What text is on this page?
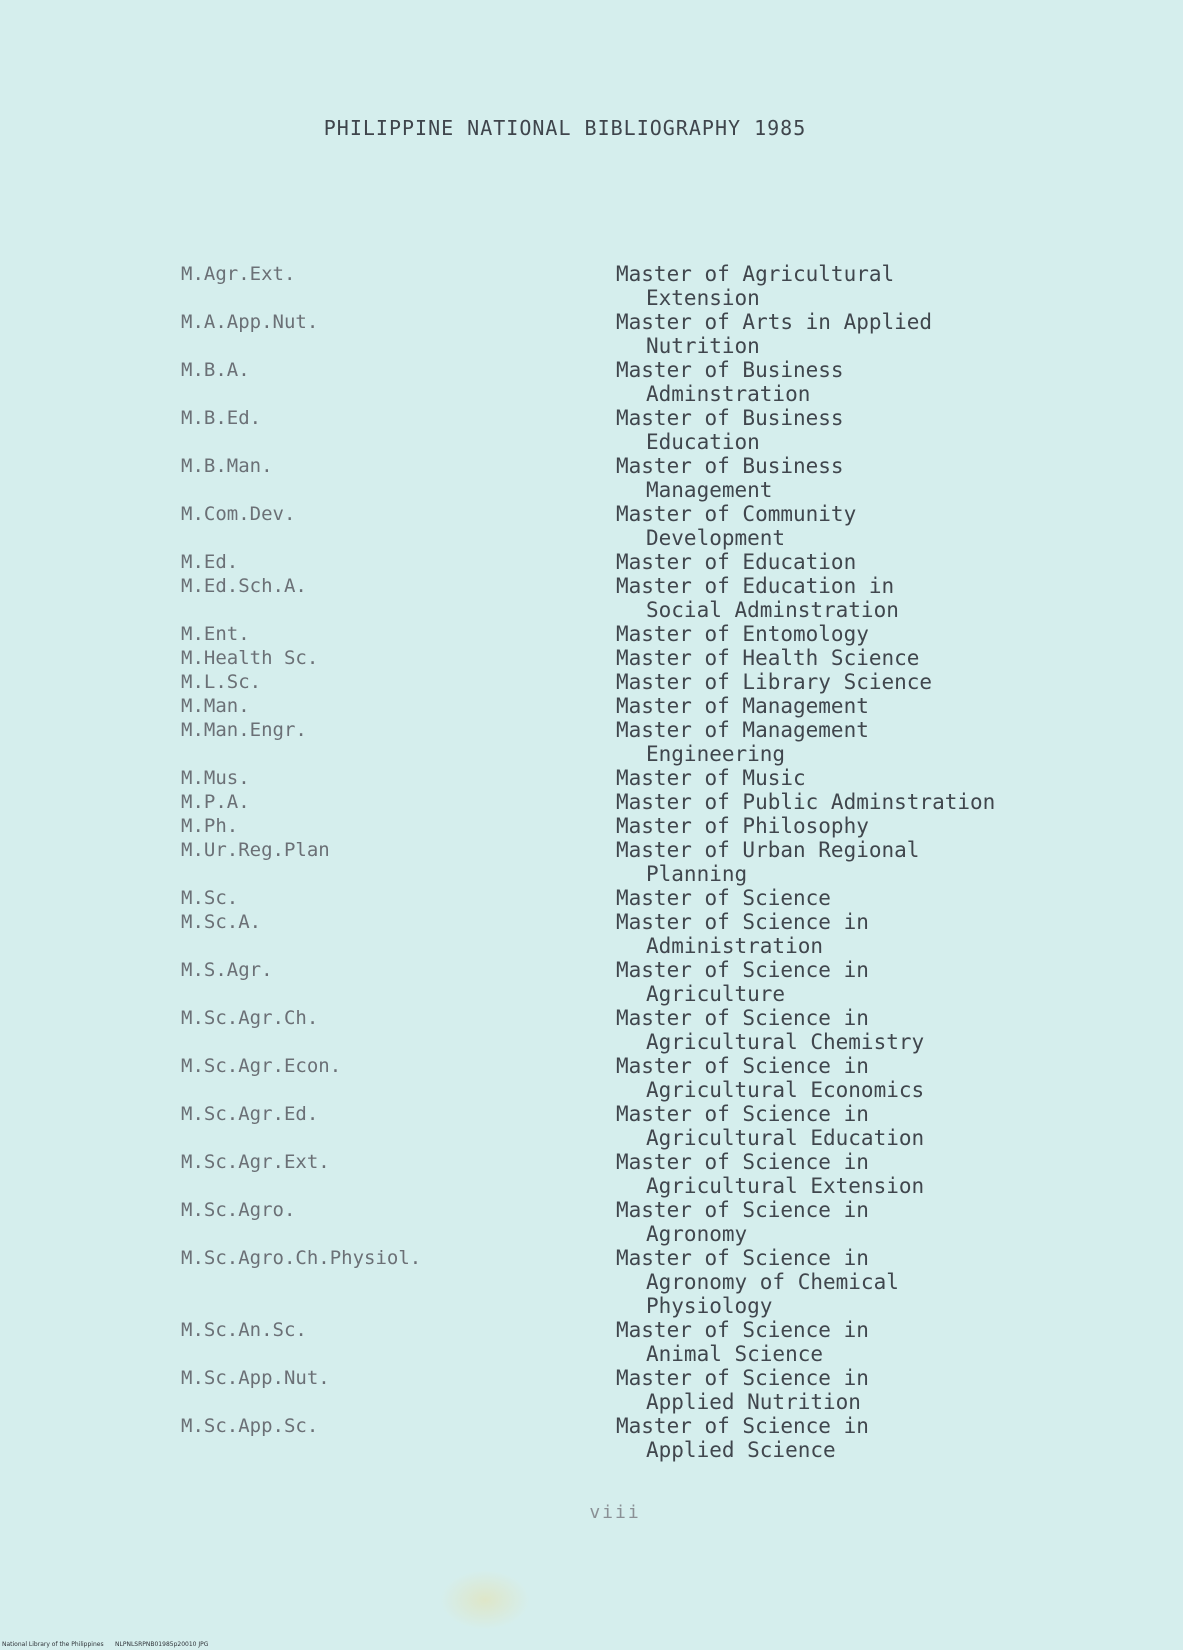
PHILIPPINE NATIONAL BIBLIOGRAPHY 1985
M.Agr.Ext.	Master of Agricultural
Extension
M.A.App.Nut.	Master of Arts in Applied
Nutrition
M.B.A.	Master of Business
Adminstration
M.B.Ed.	Master of Business
Education
M.B.Man.	Master of Business
Management
M.Com.Dev.	Master of Community
Development
M.Ed.	Master of Education
M.Ed.Sch.A.	Master of Education in
Social Adminstration
M.Ent.	Master of Entomology
M.Health Sc.	Master of Health Science
M.L.Sc.	Master of Library Science
M.Man.	Master of Management
M.Man.Engr.	Master of Management
Engineering
M.Mus.	Master of Music
M.P.A.	Master of Public Adminstration
M.Ph.	Master of Philosophy
M.Ur.Reg.Plan	Master of Urban Regional
Planning
M.Sc.	Master of Science
M.Sc.A.	Master of Science in
Administration
M.S.Agr.	Master of Science in
Agriculture
M.Sc.Agr.Ch.	Master of Science in
Agricultural Chemistry
M.Sc.Agr.Econ.	Master of Science in
Agricultural Economics
M.Sc.Agr.Ed.	Master of Science in
Agricultural Education
M.Sc.Agr.Ext.	Master of Science in
Agricultural Extension
M.Sc.Agro.	Master of Science in
Agronomy
M.Sc.Agro.Ch.Physiol.	Master of Science in
Agronomy of Chemical
Physiology
M.Sc.An.Sc.	Master of Science in
Animal Science
M.Sc.App.Nut.	Master of Science in
Applied Nutrition
M.Sc.App.Sc.	Master of Science in
Applied Science
viii
National Library of the Philippines      NLPNLSRPNB01985p20010 JPG
